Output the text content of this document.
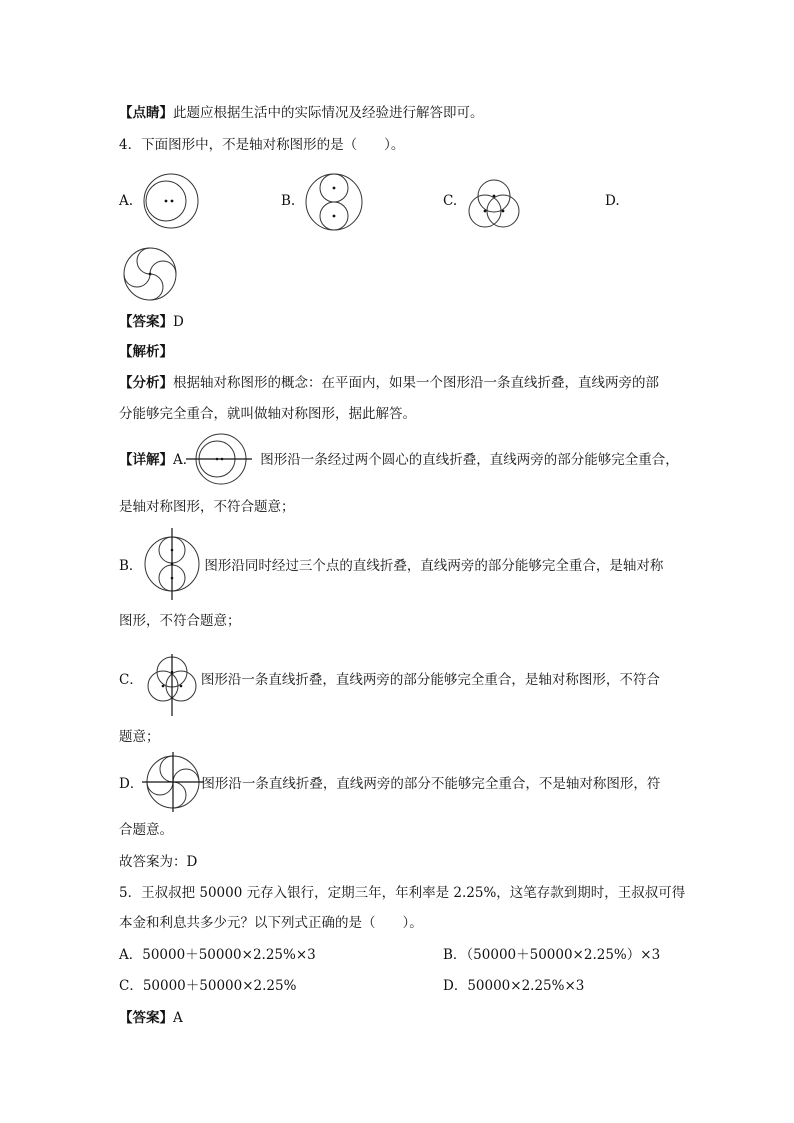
【点睛】此题应根据生活中的实际情况及经验进行解答即可。
4．下面图形中，不是轴对称图形的是（　　）。
A.	B.	C.	D.
【答案】D
【解析】
【分析】根据轴对称图形的概念：在平面内，如果一个图形沿一条直线折叠，直线两旁的部
分能够完全重合，就叫做轴对称图形，据此解答。
【详解】A．	图形沿一条经过两个圆心的直线折叠，直线两旁的部分能够完全重合，
是轴对称图形，不符合题意；
B．	图形沿同时经过三个点的直线折叠，直线两旁的部分能够完全重合，是轴对称
图形，不符合题意；
C．	图形沿一条直线折叠，直线两旁的部分能够完全重合，是轴对称图形，不符合
题意；
D．	图形沿一条直线折叠，直线两旁的部分不能够完全重合，不是轴对称图形，符
合题意。
故答案为：D
5．王叔叔把 50000 元存入银行，定期三年，年利率是 2.25%，这笔存款到期时，王叔叔可得
本金和利息共多少元？以下列式正确的是（　　）。
A．50000＋50000×2.25%×3	B．（50000＋50000×2.25%）×3
C．50000＋50000×2.25%	D．50000×2.25%×3
【答案】A
